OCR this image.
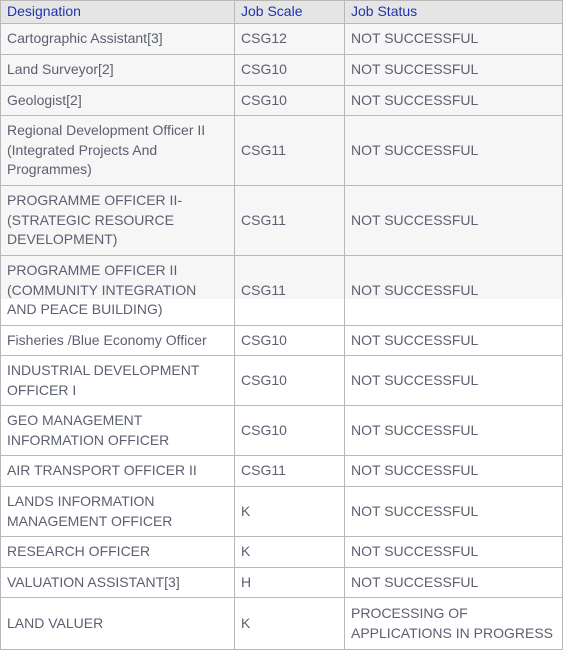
Designation	Job Scale	Job Status
Cartographic Assistant[3]	CSG12	NOT SUCCESSFUL
Land Surveyor[2]	CSG10	NOT SUCCESSFUL
Geologist[2]	CSG10	NOT SUCCESSFUL
Regional Development Officer II (Integrated Projects And Programmes)	CSG11	NOT SUCCESSFUL
PROGRAMME OFFICER II- (STRATEGIC RESOURCE DEVELOPMENT)	CSG11	NOT SUCCESSFUL
PROGRAMME OFFICER II (COMMUNITY INTEGRATION AND PEACE BUILDING)	CSG11	NOT SUCCESSFUL
Fisheries /Blue Economy Officer	CSG10	NOT SUCCESSFUL
INDUSTRIAL DEVELOPMENT OFFICER I	CSG10	NOT SUCCESSFUL
GEO MANAGEMENT INFORMATION OFFICER	CSG10	NOT SUCCESSFUL
AIR TRANSPORT OFFICER II	CSG11	NOT SUCCESSFUL
LANDS INFORMATION MANAGEMENT OFFICER	K	NOT SUCCESSFUL
RESEARCH OFFICER	K	NOT SUCCESSFUL
VALUATION ASSISTANT[3]	H	NOT SUCCESSFUL
LAND VALUER	K	PROCESSING OF APPLICATIONS IN PROGRESS
